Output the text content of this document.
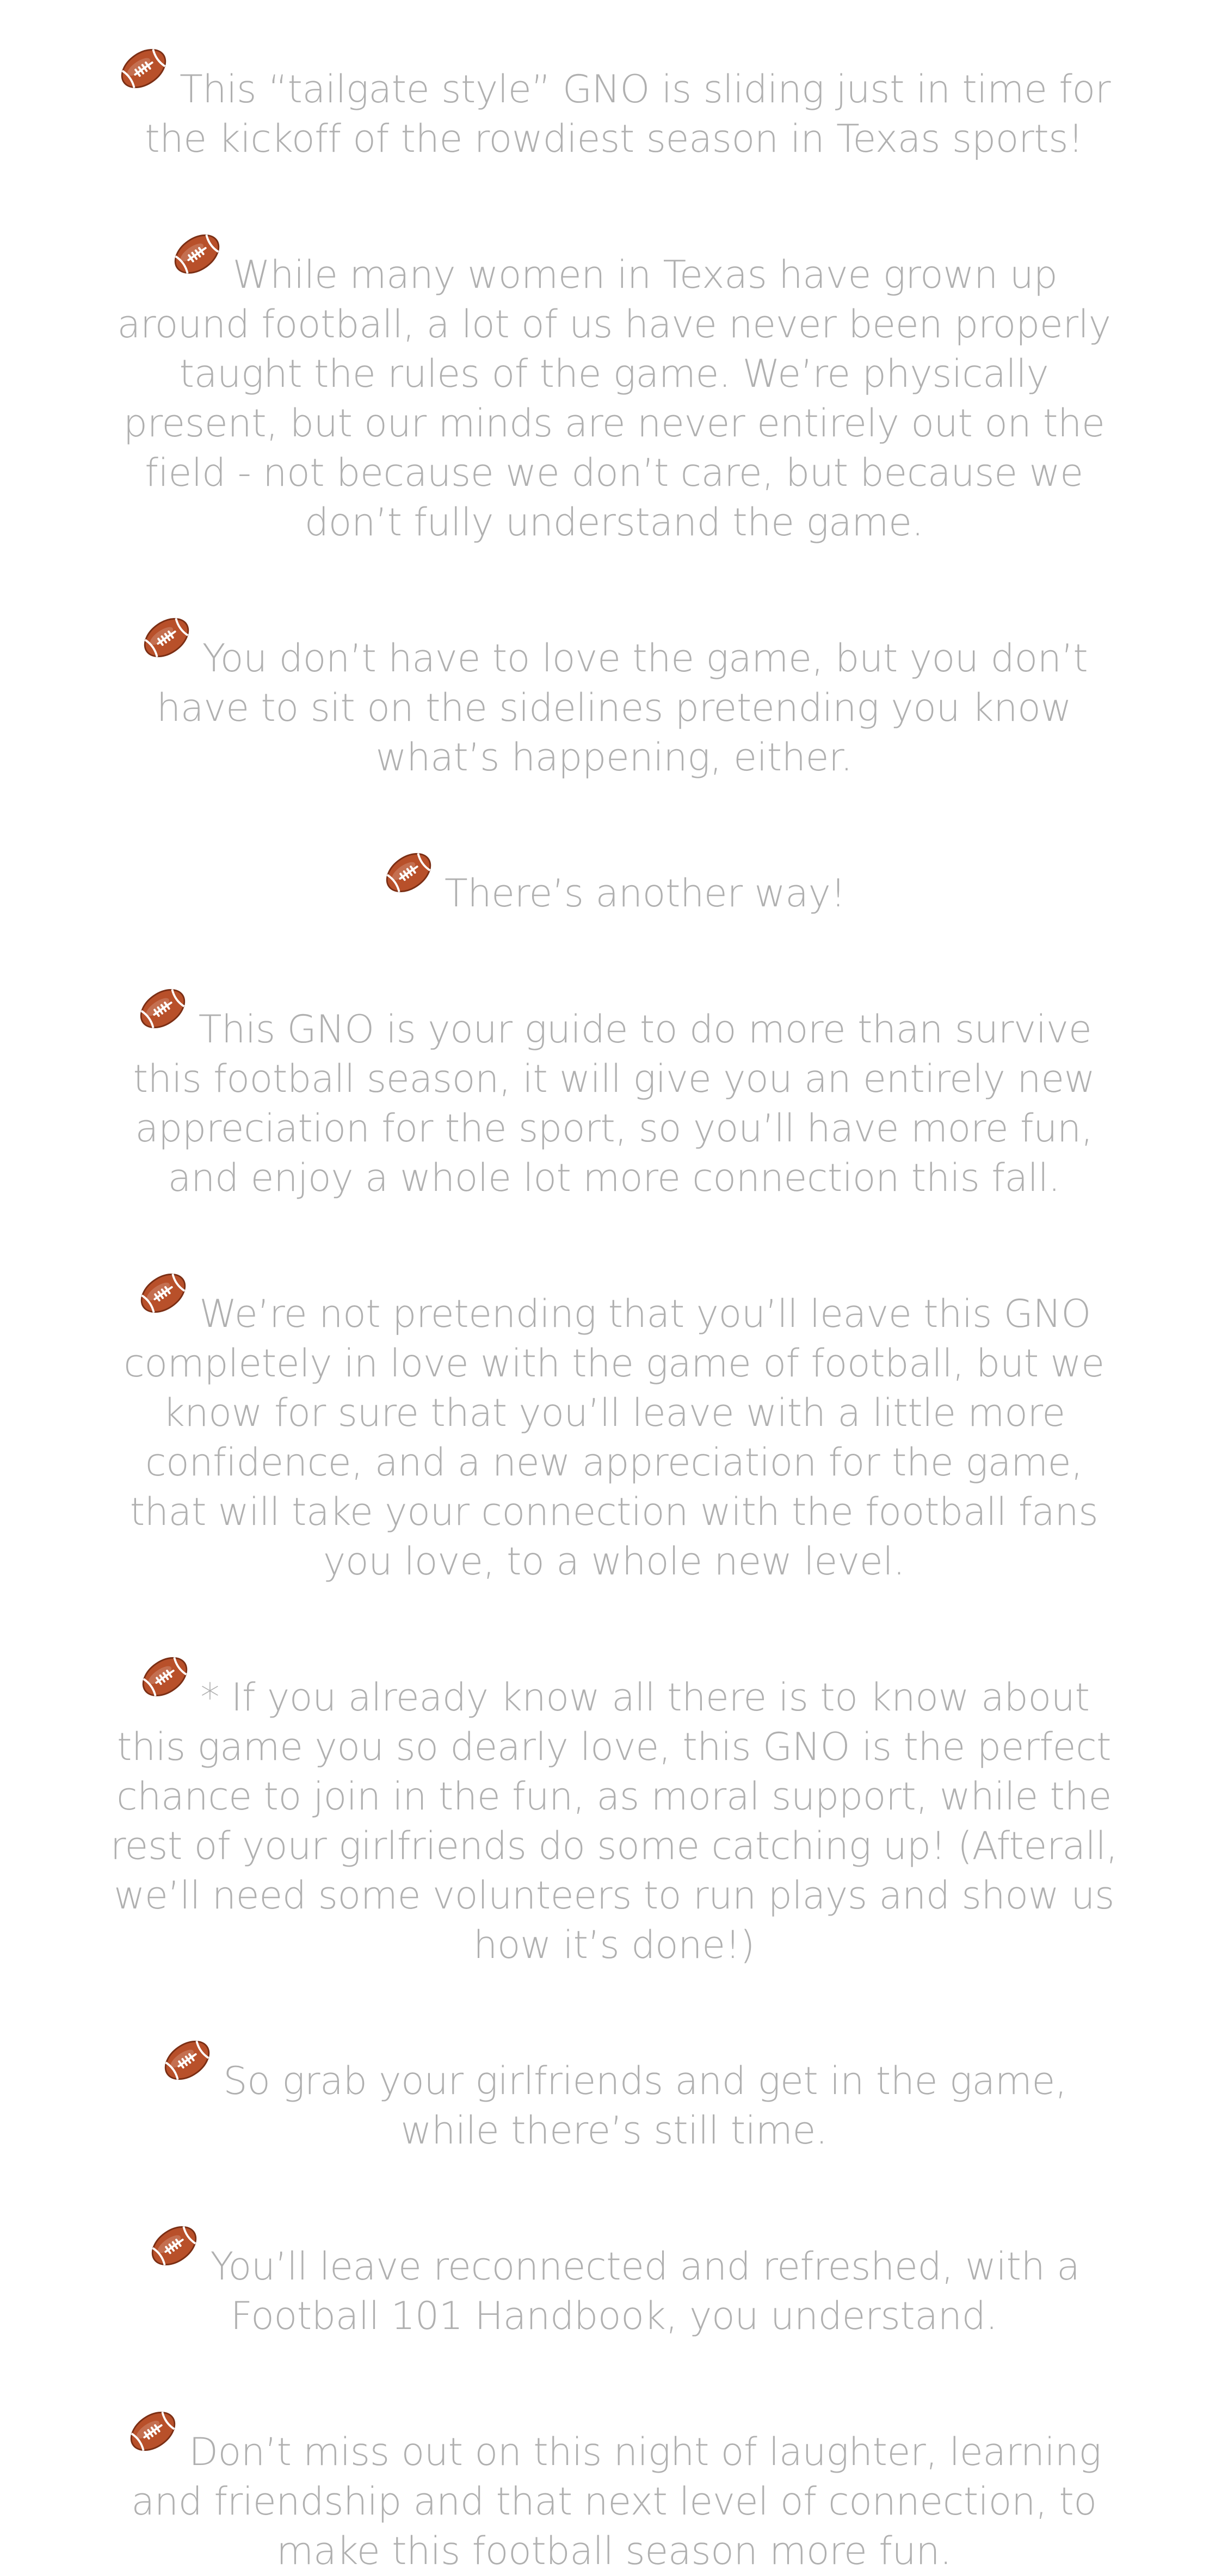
This “tailgate style” GNO is sliding just in time for the kickoff of the rowdiest season in Texas sports!

While many women in Texas have grown up around football, a lot of us have never been properly taught the rules of the game. We’re physically present, but our minds are never entirely out on the field - not because we don’t care, but because we don’t fully understand the game.

You don’t have to love the game, but you don’t have to sit on the sidelines pretending you know what’s happening, either.

There’s another way!

This GNO is your guide to do more than survive this football season, it will give you an entirely new appreciation for the sport, so you’ll have more fun, and enjoy a whole lot more connection this fall.

We’re not pretending that you’ll leave this GNO completely in love with the game of football, but we know for sure that you’ll leave with a little more confidence, and a new appreciation for the game, that will take your connection with the football fans you love, to a whole new level.

* If you already know all there is to know about this game you so dearly love, this GNO is the perfect chance to join in the fun, as moral support, while the rest of your girlfriends do some catching up! (Afterall, we’ll need some volunteers to run plays and show us how it’s done!)

So grab your girlfriends and get in the game, while there’s still time.

You’ll leave reconnected and refreshed, with a Football 101 Handbook, you understand.

Don’t miss out on this night of laughter, learning and friendship and that next level of connection, to make this football season more fun.
